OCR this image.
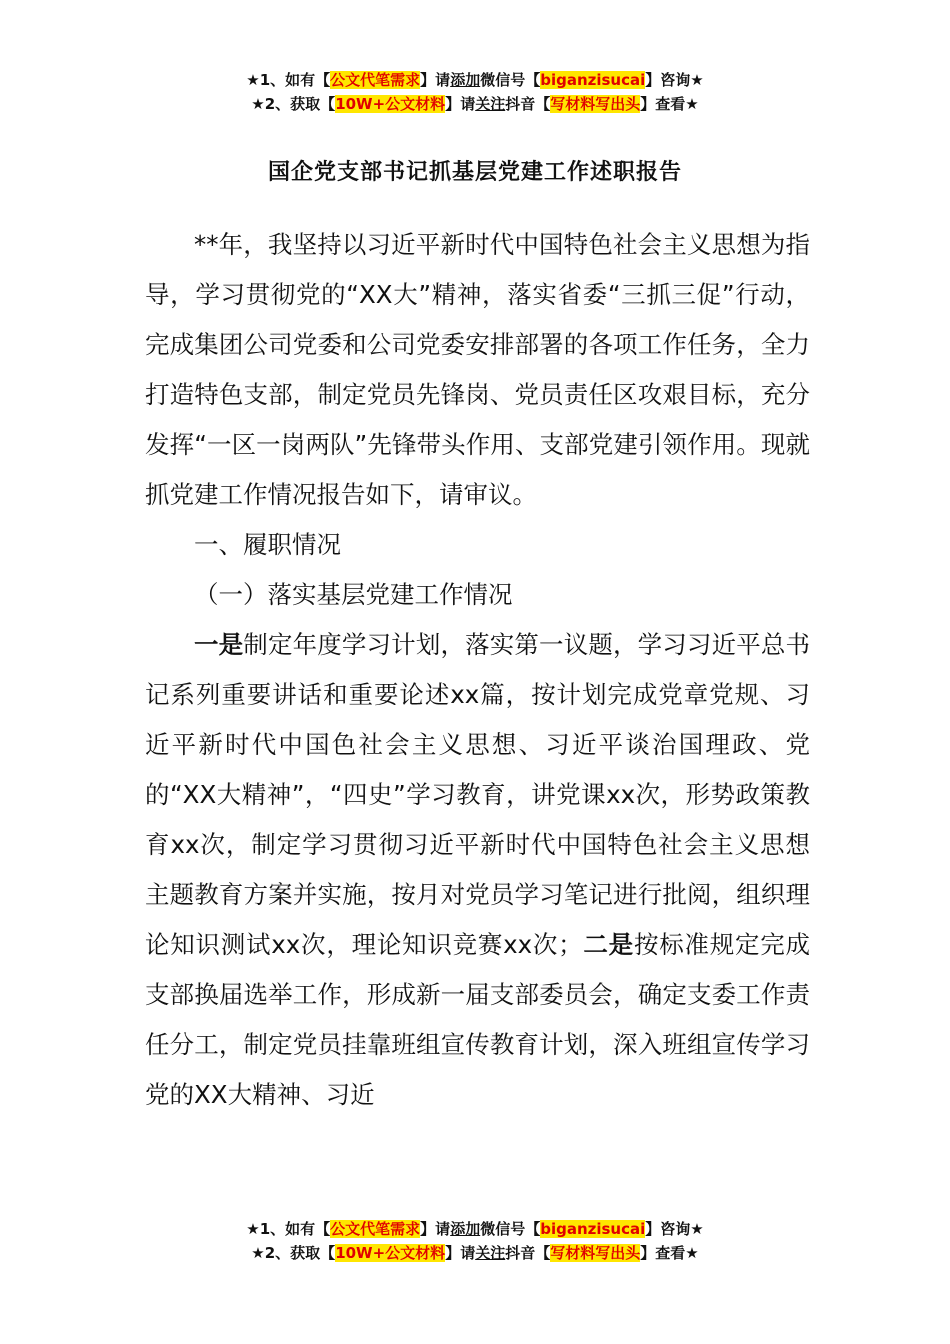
★1、如有【公文代笔需求】请添加微信号【biganzisucai】咨询★
★2、获取【10W+公文材料】请关注抖音【写材料写出头】查看★
国企党支部书记抓基层党建工作述职报告

**年，我坚持以习近平新时代中国特色社会主义思想为指导，学习贯彻党的“XX大”精神，落实省委“三抓三促”行动，完成集团公司党委和公司党委安排部署的各项工作任务，全力打造特色支部，制定党员先锋岗、党员责任区攻艰目标，充分发挥“一区一岗两队”先锋带头作用、支部党建引领作用。现就抓党建工作情况报告如下，请审议。

一、履职情况

（一）落实基层党建工作情况

一是制定年度学习计划，落实第一议题，学习习近平总书记系列重要讲话和重要论述xx篇，按计划完成党章党规、习近平新时代中国色社会主义思想、习近平谈治国理政、党的“XX大精神”，“四史”学习教育，讲党课xx次，形势政策教育xx次，制定学习贯彻习近平新时代中国特色社会主义思想主题教育方案并实施，按月对党员学习笔记进行批阅，组织理论知识测试xx次，理论知识竞赛xx次；二是按标准规定完成支部换届选举工作，形成新一届支部委员会，确定支委工作责任分工，制定党员挂靠班组宣传教育计划，深入班组宣传学习党的XX大精神、习近

★1、如有【公文代笔需求】请添加微信号【biganzisucai】咨询★
★2、获取【10W+公文材料】请关注抖音【写材料写出头】查看★
